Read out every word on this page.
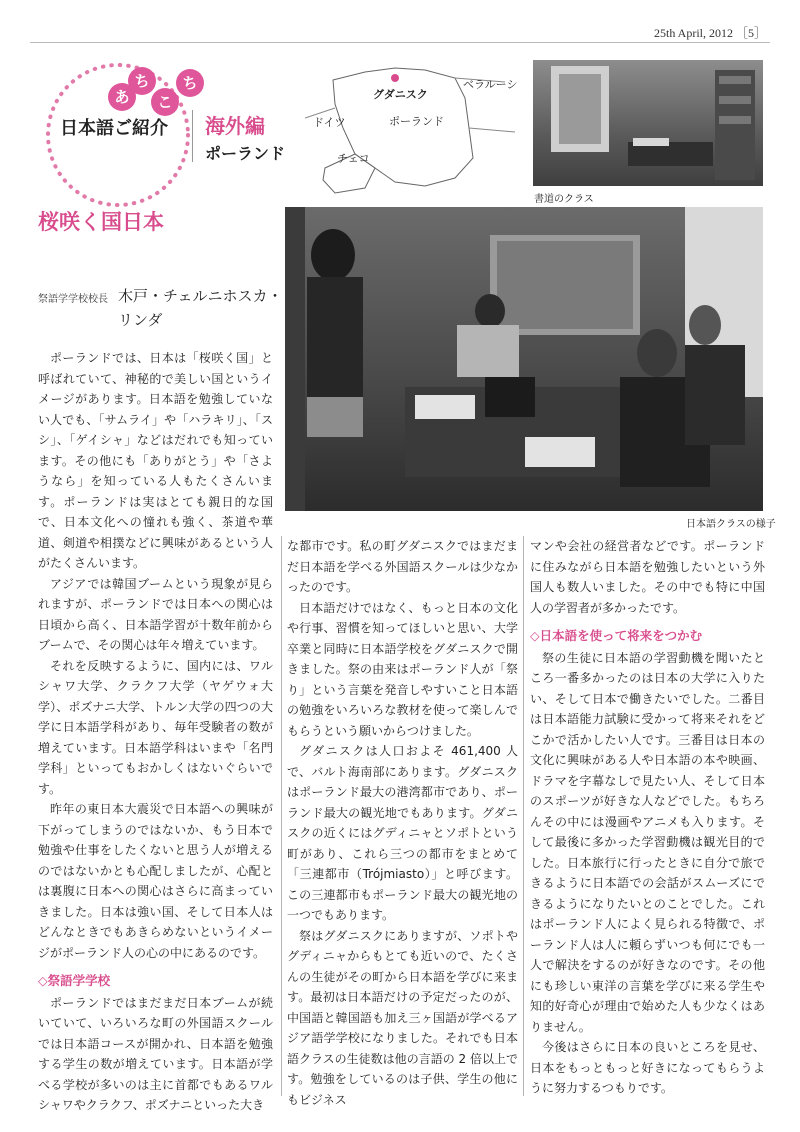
25th April, 2012 ［5］
あ
ち
こ
ち
日本語ご紹介 海外編
ポーランド
グダニスク
ベラルーシ
ドイツ	ポーランド
チェコ
書道のクラス
桜咲く国日本
祭語学学校校長 木戸・チェルニホスカ・リンダ
日本語クラスの様子

ポーランドでは、日本は「桜咲く国」と呼ばれていて、神秘的で美しい国というイメージがあります。日本語を勉強していない人でも、「サムライ」や「ハラキリ」、「スシ」、「ゲイシャ」などはだれでも知っています。その他にも「ありがとう」や「さようなら」を知っている人もたくさんいます。ポーランドは実はとても親日的な国で、日本文化への憧れも強く、茶道や華道、剣道や相撲などに興味があるという人がたくさんいます。

アジアでは韓国ブームという現象が見られますが、ポーランドでは日本への関心は日頃から高く、日本語学習が十数年前からブームで、その関心は年々増えています。

それを反映するように、国内には、ワルシャワ大学、クラクフ大学（ヤゲウォ大学）、ポズナニ大学、トルン大学の四つの大学に日本語学科があり、毎年受験者の数が増えています。日本語学科はいまや「名門学科」といってもおかしくはないぐらいです。

昨年の東日本大震災で日本語への興味が下がってしまうのではないか、もう日本で勉強や仕事をしたくないと思う人が増えるのではないかとも心配しましたが、心配とは裏腹に日本への関心はさらに高まっていきました。日本は強い国、そして日本人はどんなときでもあきらめないというイメージがポーランド人の心の中にあるのです。

◇祭語学学校

ポーランドではまだまだ日本ブームが続いていて、いろいろな町の外国語スクールでは日本語コースが開かれ、日本語を勉強する学生の数が増えています。日本語が学べる学校が多いのは主に首都でもあるワルシャワやクラクフ、ポズナニといった大き

な都市です。私の町グダニスクではまだまだ日本語を学べる外国語スクールは少なかったのです。

日本語だけではなく、もっと日本の文化や行事、習慣を知ってほしいと思い、大学卒業と同時に日本語学校をグダニスクで開きました。祭の由来はポーランド人が「祭り」という言葉を発音しやすいこと日本語の勉強をいろいろな教材を使って楽しんでもらうという願いからつけました。

グダニスクは人口およそ 461,400 人で、バルト海南部にあります。グダニスクはポーランド最大の港湾都市であり、ポーランド最大の観光地でもあります。グダニスクの近くにはグディニャとソポトという町があり、これら三つの都市をまとめて「三連都市（Trójmiasto）」と呼びます。この三連都市もポーランド最大の観光地の一つでもあります。

祭はグダニスクにありますが、ソポトやグディニャからもとても近いので、たくさんの生徒がその町から日本語を学びに来ます。最初は日本語だけの予定だったのが、中国語と韓国語も加え三ヶ国語が学べるアジア語学学校になりました。それでも日本語クラスの生徒数は他の言語の 2 倍以上です。勉強をしているのは子供、学生の他にもビジネス

マンや会社の経営者などです。ポーランドに住みながら日本語を勉強したいという外国人も数人いました。その中でも特に中国人の学習者が多かったです。

◇日本語を使って将来をつかむ

祭の生徒に日本語の学習動機を聞いたところ一番多かったのは日本の大学に入りたい、そして日本で働きたいでした。二番目は日本語能力試験に受かって将来それをどこかで活かしたい人です。三番目は日本の文化に興味がある人や日本語の本や映画、ドラマを字幕なしで見たい人、そして日本のスポーツが好きな人などでした。もちろんその中には漫画やアニメも入ります。そして最後に多かった学習動機は観光目的でした。日本旅行に行ったときに自分で旅できるように日本語での会話がスムーズにできるようになりたいとのことでした。これはポーランド人によく見られる特徴で、ポーランド人は人に頼らずいつも何にでも一人で解決をするのが好きなのです。その他にも珍しい東洋の言葉を学びに来る学生や知的好奇心が理由で始めた人も少なくはありません。

今後はさらに日本の良いところを見せ、日本をもっともっと好きになってもらうように努力するつもりです。
